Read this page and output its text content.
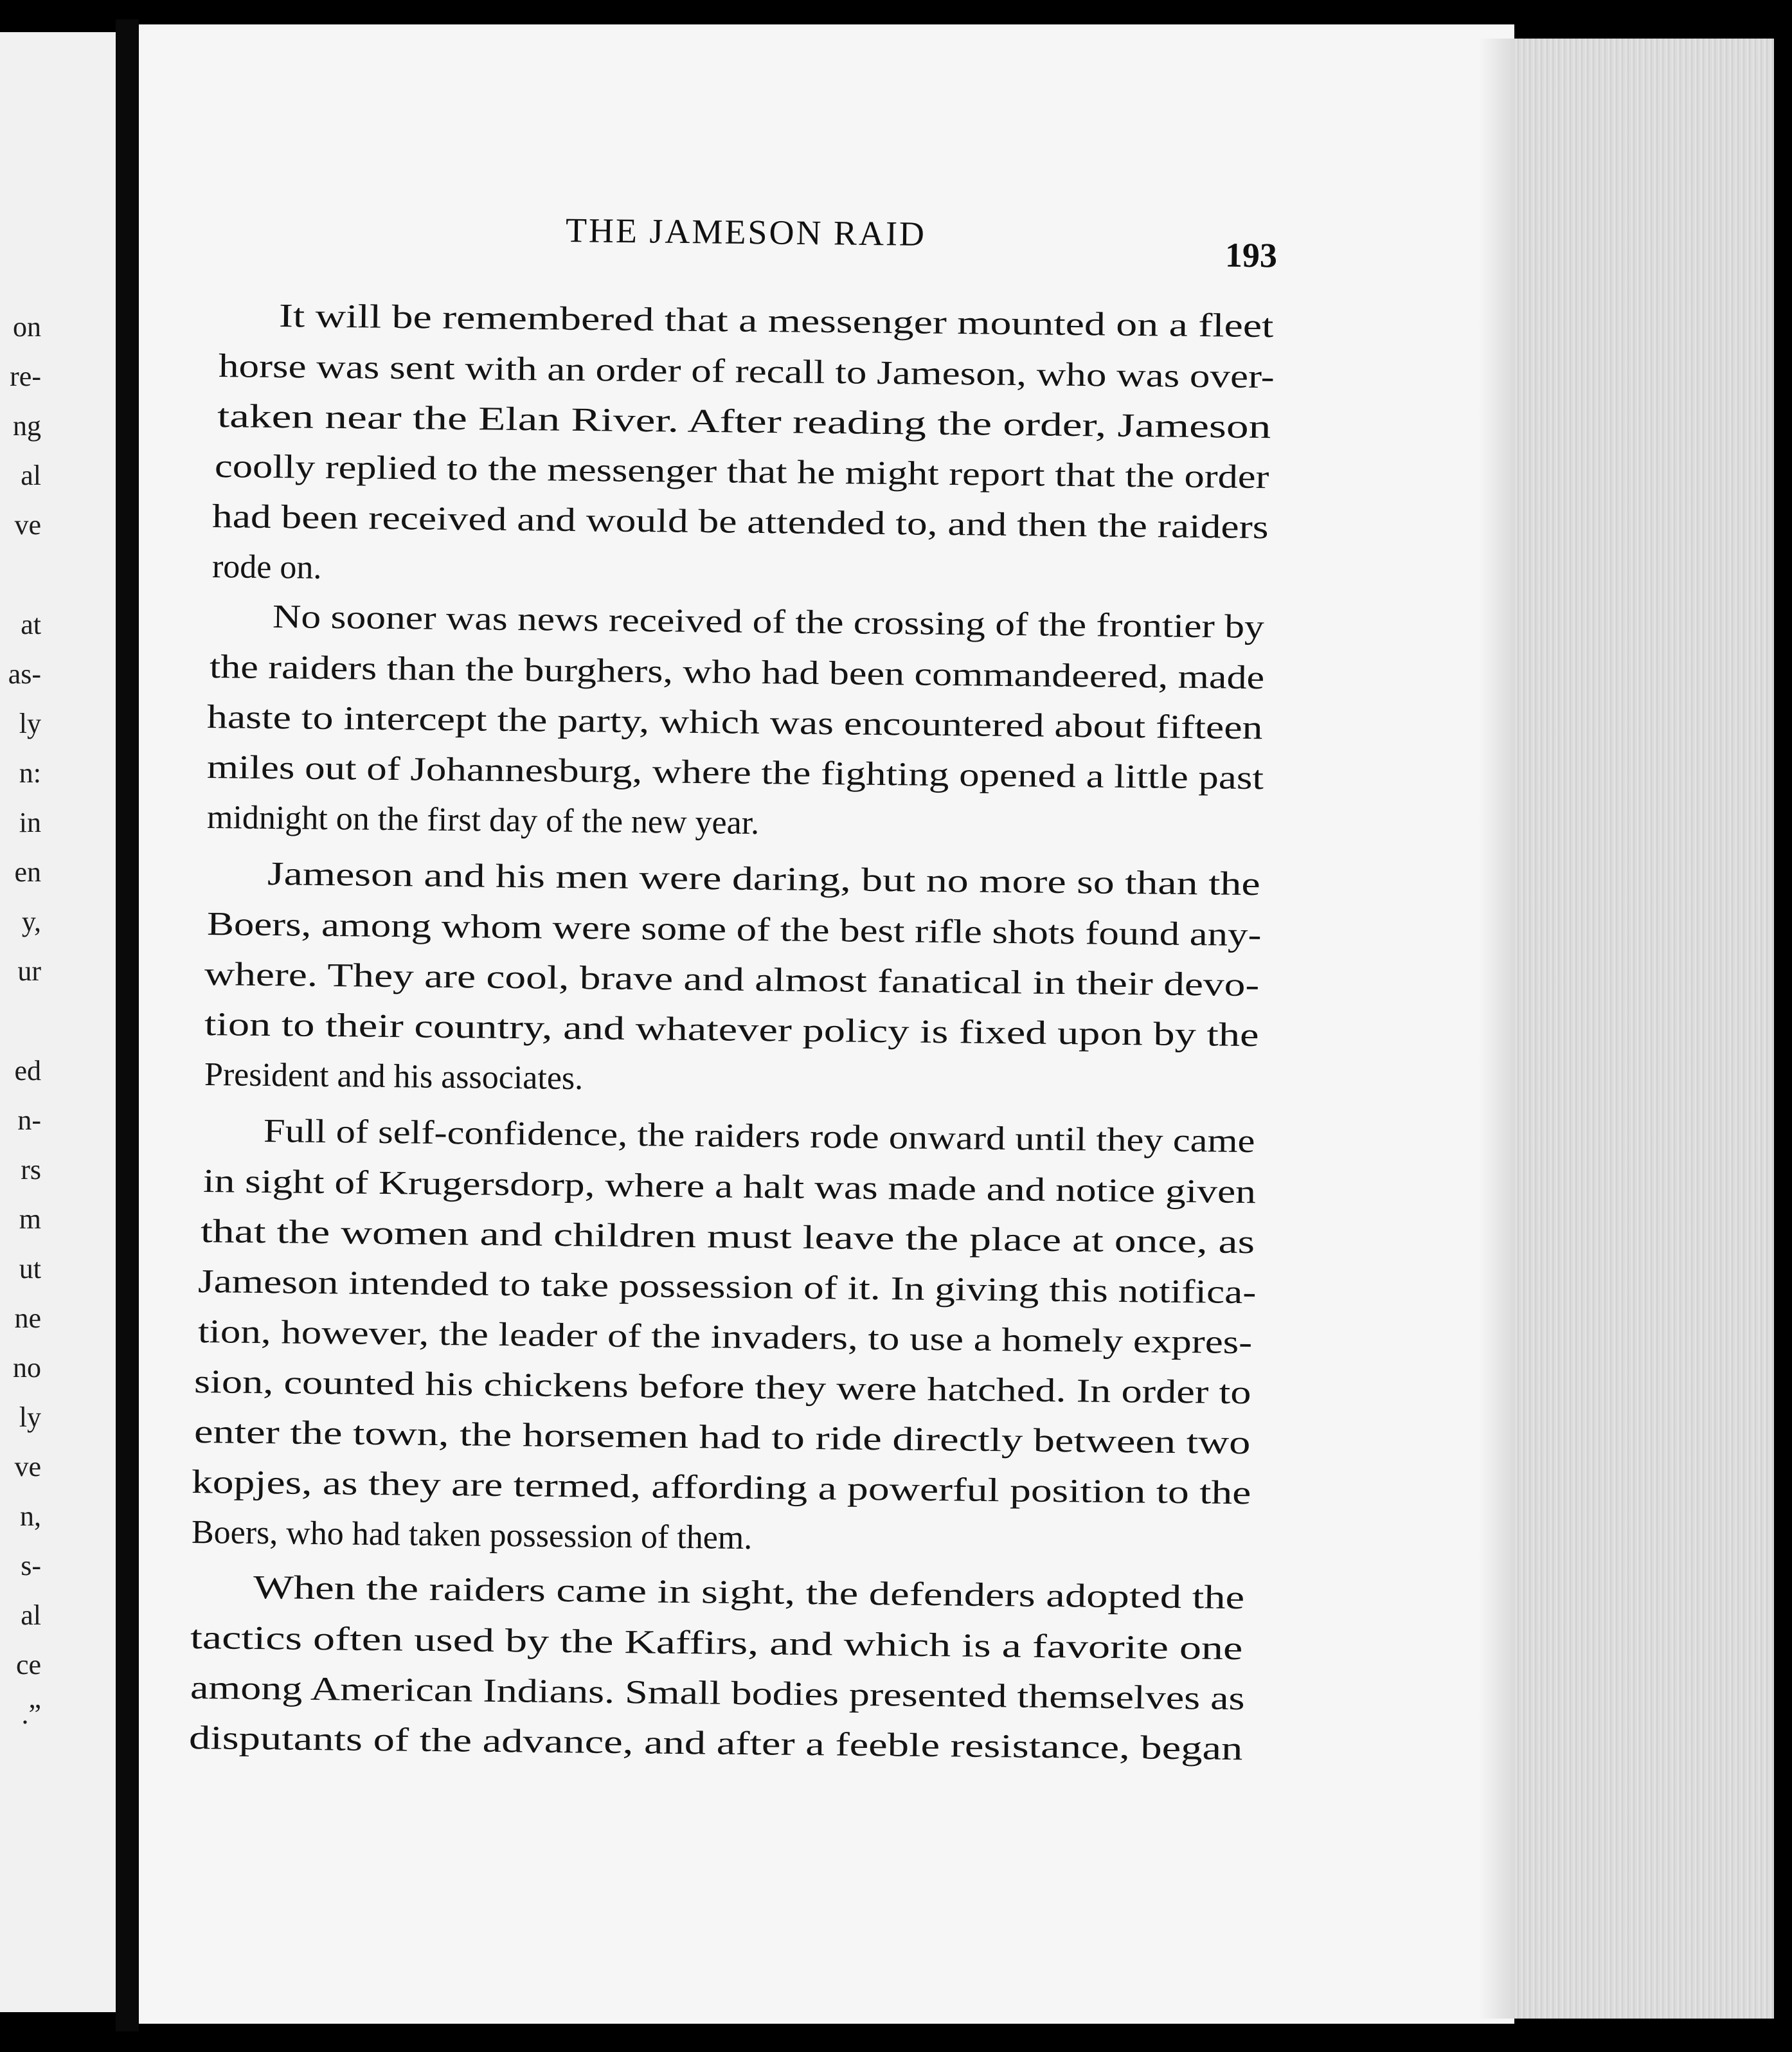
on
re-
ng
al
ve
at
as-
ly
n:
in
en
y,
ur
ed
n-
rs
m
ut
ne
no
ly
ve
n,
s-
al
ce
.”
THE JAMESON RAID
193
It will be remembered that a messenger mounted on a fleet
horse was sent with an order of recall to Jameson, who was over-
taken near the Elan River. After reading the order, Jameson
coolly replied to the messenger that he might report that the order
had been received and would be attended to, and then the raiders
rode on.
No sooner was news received of the crossing of the frontier by
the raiders than the burghers, who had been commandeered, made
haste to intercept the party, which was encountered about fifteen
miles out of Johannesburg, where the fighting opened a little past
midnight on the first day of the new year.
Jameson and his men were daring, but no more so than the
Boers, among whom were some of the best rifle shots found any-
where. They are cool, brave and almost fanatical in their devo-
tion to their country, and whatever policy is fixed upon by the
President and his associates.
Full of self-confidence, the raiders rode onward until they came
in sight of Krugersdorp, where a halt was made and notice given
that the women and children must leave the place at once, as
Jameson intended to take possession of it. In giving this notifica-
tion, however, the leader of the invaders, to use a homely expres-
sion, counted his chickens before they were hatched. In order to
enter the town, the horsemen had to ride directly between two
kopjes, as they are termed, affording a powerful position to the
Boers, who had taken possession of them.
When the raiders came in sight, the defenders adopted the
tactics often used by the Kaffirs, and which is a favorite one
among American Indians. Small bodies presented themselves as
disputants of the advance, and after a feeble resistance, began
